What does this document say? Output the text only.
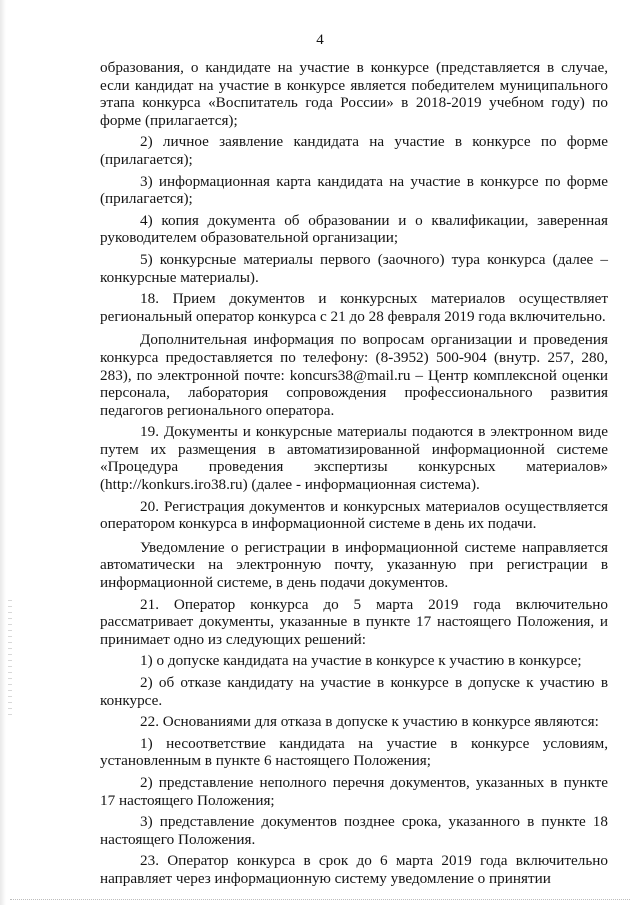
4

образования, о кандидате на участие в конкурсе (представляется в случае, если кандидат на участие в конкурсе является победителем муниципального этапа конкурса «Воспитатель года России» в 2018-2019 учебном году) по форме (прилагается);

2) личное заявление кандидата на участие в конкурсе по форме (прилагается);

3) информационная карта кандидата на участие в конкурсе по форме (прилагается);

4) копия документа об образовании и о квалификации, заверенная руководителем образовательной организации;

5) конкурсные материалы первого (заочного) тура конкурса (далее – конкурсные материалы).

18. Прием документов и конкурсных материалов осуществляет региональный оператор конкурса с 21 до 28 февраля 2019 года включительно.

Дополнительная информация по вопросам организации и проведения конкурса предоставляется по телефону: (8-3952) 500-904 (внутр. 257, 280, 283), по электронной почте: koncurs38@mail.ru – Центр комплексной оценки персонала, лаборатория сопровождения профессионального развития педагогов регионального оператора.

19. Документы и конкурсные материалы подаются в электронном виде путем их размещения в автоматизированной информационной системе «Процедура проведения экспертизы конкурсных материалов» (http://konkurs.iro38.ru) (далее - информационная система).

20. Регистрация документов и конкурсных материалов осуществляется оператором конкурса в информационной системе в день их подачи.

Уведомление о регистрации в информационной системе направляется автоматически на электронную почту, указанную при регистрации в информационной системе, в день подачи документов.

21. Оператор конкурса до 5 марта 2019 года включительно рассматривает документы, указанные в пункте 17 настоящего Положения, и принимает одно из следующих решений:

1) о допуске кандидата на участие в конкурсе к участию в конкурсе;

2) об отказе кандидату на участие в конкурсе в допуске к участию в конкурсе.

22. Основаниями для отказа в допуске к участию в конкурсе являются:

1) несоответствие кандидата на участие в конкурсе условиям, установленным в пункте 6 настоящего Положения;

2) представление неполного перечня документов, указанных в пункте 17 настоящего Положения;

3) представление документов позднее срока, указанного в пункте 18 настоящего Положения.

23. Оператор конкурса в срок до 6 марта 2019 года включительно направляет через информационную систему уведомление о принятии
